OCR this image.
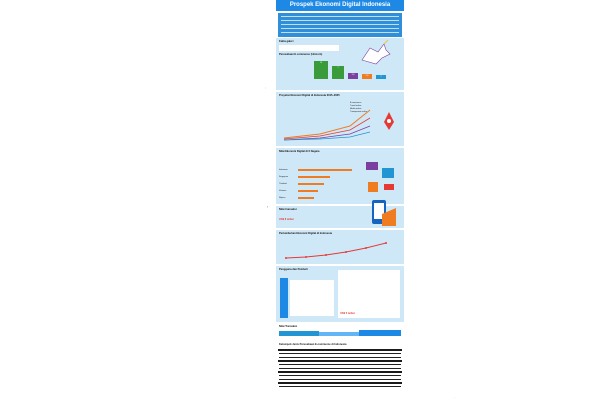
:
!
·
Prospek Ekonomi Digital Indonesia
Fakta galeri
Perusahaan E-commerce (Unicorn)
10
7
3,8	2,8	2
Proyeksi Ekonomi Digital di Indonesia 2015–2025
E-commerce
Travel online
Media online
Transportasi online
Nilai Ekonomi Digital di 6 Negara
Indonesia
Singapura
Thailand
Vietnam
Filipina
Nilai transaksi
US$ 8 miliar
Pertumbuhan Ekonomi Digital di Indonesia
Pengguna dan Pembeli
US$ 5 miliar
Nilai Transaksi
Kelompok Jenis Perusahaan E-commerce di Indonesia
